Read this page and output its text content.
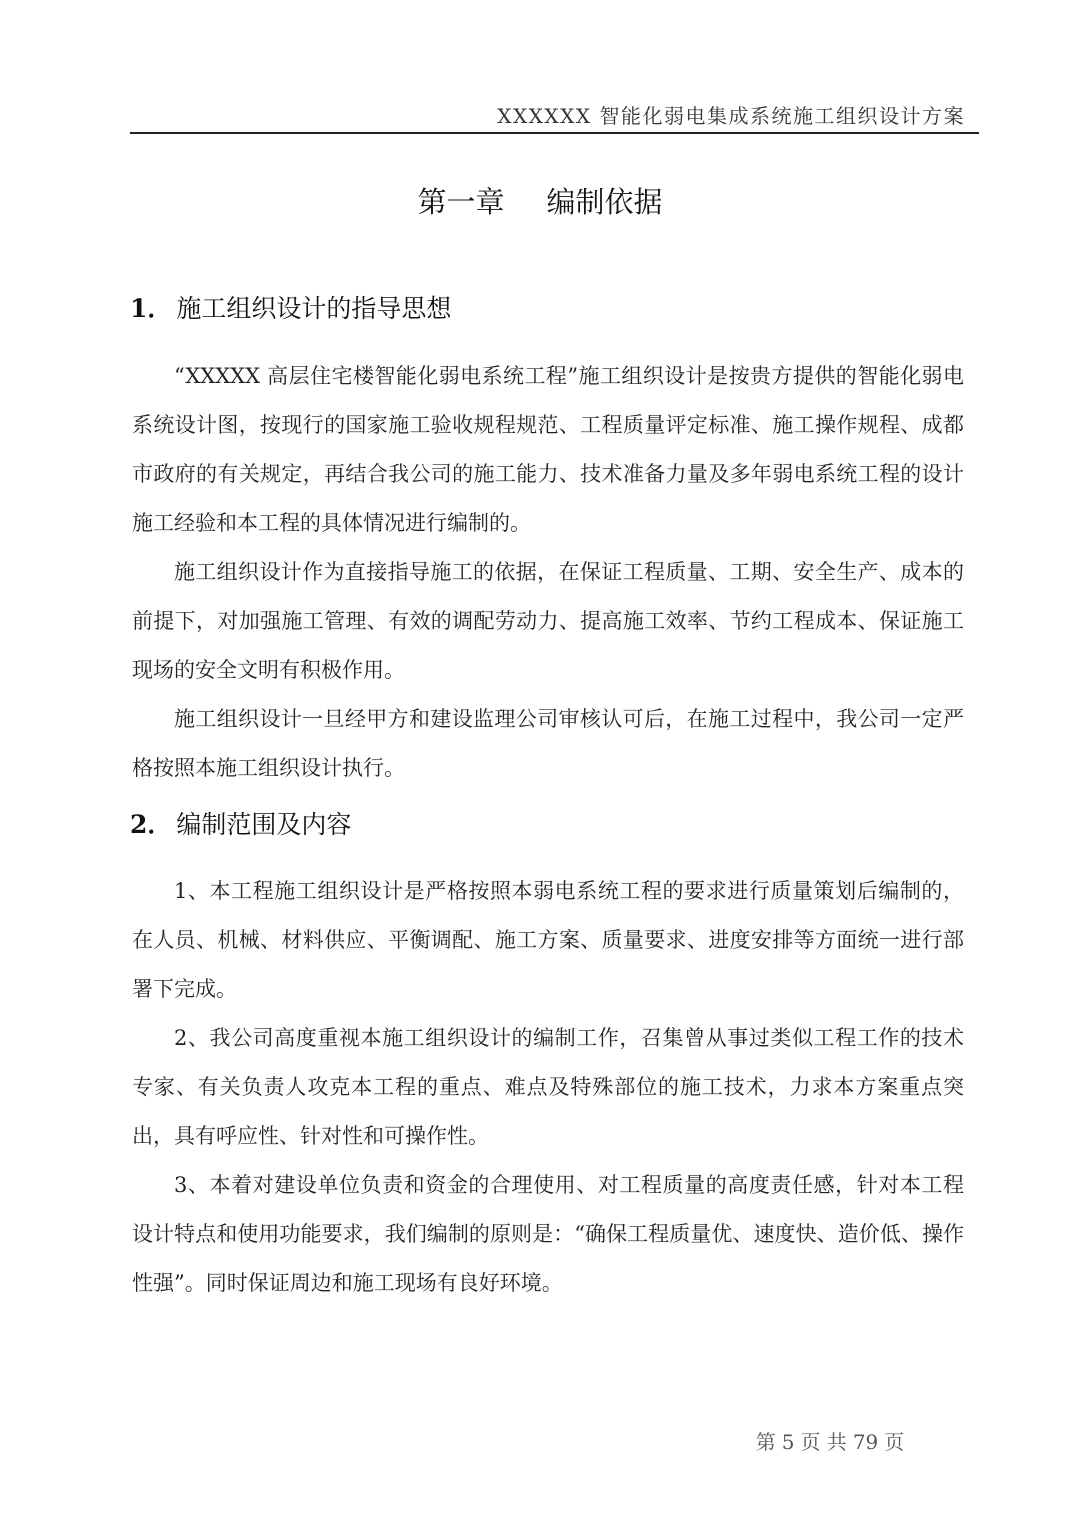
XXXXXX 智能化弱电集成系统施工组织设计方案
第一章 编制依据
1． 施工组织设计的指导思想
“XXXXX 高层住宅楼智能化弱电系统工程”施工组织设计是按贵方提供的智能化弱电系统设计图，按现行的国家施工验收规程规范、工程质量评定标准、施工操作规程、成都市政府的有关规定，再结合我公司的施工能力、技术准备力量及多年弱电系统工程的设计施工经验和本工程的具体情况进行编制的。
施工组织设计作为直接指导施工的依据，在保证工程质量、工期、安全生产、成本的前提下，对加强施工管理、有效的调配劳动力、提高施工效率、节约工程成本、保证施工现场的安全文明有积极作用。
施工组织设计一旦经甲方和建设监理公司审核认可后，在施工过程中，我公司一定严格按照本施工组织设计执行。
2． 编制范围及内容
1、本工程施工组织设计是严格按照本弱电系统工程的要求进行质量策划后编制的，在人员、机械、材料供应、平衡调配、施工方案、质量要求、进度安排等方面统一进行部署下完成。
2、我公司高度重视本施工组织设计的编制工作，召集曾从事过类似工程工作的技术专家、有关负责人攻克本工程的重点、难点及特殊部位的施工技术，力求本方案重点突出，具有呼应性、针对性和可操作性。
3、本着对建设单位负责和资金的合理使用、对工程质量的高度责任感，针对本工程设计特点和使用功能要求，我们编制的原则是：“确保工程质量优、速度快、造价低、操作性强”。同时保证周边和施工现场有良好环境。
第 5 页 共 79 页
